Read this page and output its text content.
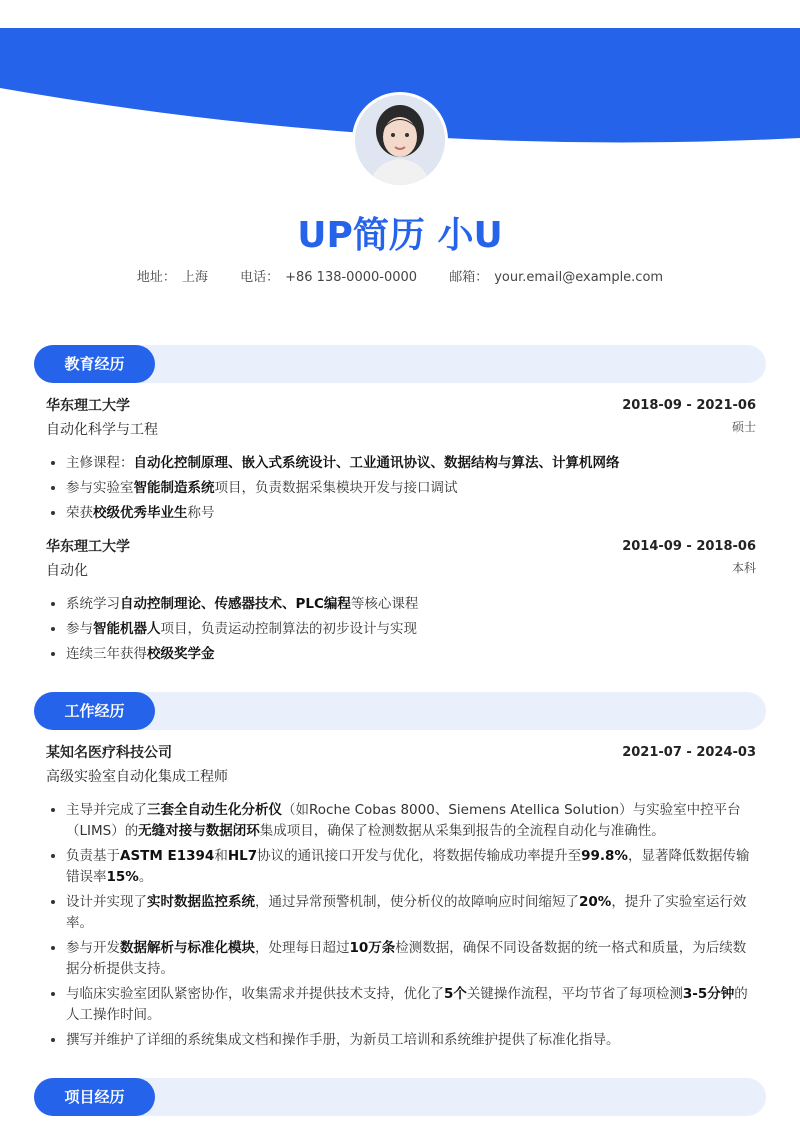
UP简历 小U
地址： 上海 电话： +86 138-0000-0000 邮箱： your.email@example.com
教育经历
华东理工大学	2018-09 - 2021-06
自动化科学与工程	硕士
• 主修课程：自动化控制原理、嵌入式系统设计、工业通讯协议、数据结构与算法、计算机网络
• 参与实验室智能制造系统项目，负责数据采集模块开发与接口调试
• 荣获校级优秀毕业生称号
华东理工大学	2014-09 - 2018-06
自动化	本科
• 系统学习自动控制理论、传感器技术、PLC编程等核心课程
• 参与智能机器人项目，负责运动控制算法的初步设计与实现
• 连续三年获得校级奖学金
工作经历
某知名医疗科技公司	2021-07 - 2024-03
高级实验室自动化集成工程师
• 主导并完成了三套全自动生化分析仪（如Roche Cobas 8000、Siemens Atellica Solution）与实验室中控平台（LIMS）的无缝对接与数据闭环集成项目，确保了检测数据从采集到报告的全流程自动化与准确性。
• 负责基于ASTM E1394和HL7协议的通讯接口开发与优化，将数据传输成功率提升至99.8%，显著降低数据传输错误率15%。
• 设计并实现了实时数据监控系统，通过异常预警机制，使分析仪的故障响应时间缩短了20%，提升了实验室运行效率。
• 参与开发数据解析与标准化模块，处理每日超过10万条检测数据，确保不同设备数据的统一格式和质量，为后续数据分析提供支持。
• 与临床实验室团队紧密协作，收集需求并提供技术支持，优化了5个关键操作流程，平均节省了每项检测3-5分钟的人工操作时间。
• 撰写并维护了详细的系统集成文档和操作手册，为新员工培训和系统维护提供了标准化指导。
项目经历
